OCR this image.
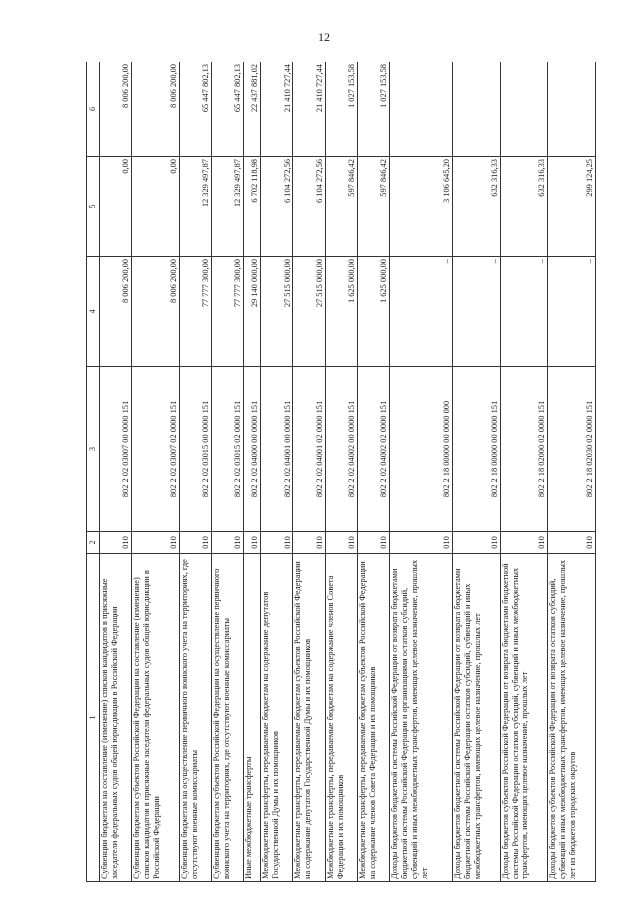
12
1	2	3	4	5	6
Субвенции бюджетам на составление (изменение) списков кандидатов в присяжные заседатели федеральных судов общей юрисдикции в Российской Федерации	010	802 2 02 03007 00 0000 151	8 006 200,00	0,00	8 006 200,00
Субвенции бюджетам субъектов Российской Федерации на составление (изменение) списков кандидатов в присяжные заседатели федеральных судов общей юрисдикции в Российской Федерации	010	802 2 02 03007 02 0000 151	8 006 200,00	0,00	8 006 200,00
Субвенции бюджетам на осуществление первичного воинского учета на территориях, где отсутствуют военные комиссариаты	010	802 2 02 03015 00 0000 151	77 777 300,00	12 329 497,87	65 447 802,13
Субвенции бюджетам субъектов Российской Федерации на осуществление первичного воинского учета на территориях, где отсутствуют военные комиссариаты	010	802 2 02 03015 02 0000 151	77 777 300,00	12 329 497,87	65 447 802,13
Иные межбюджетные трансферты	010	802 2 02 04000 00 0000 151	29 140 000,00	6 702 118,98	22 437 881,02
Межбюджетные трансферты, передаваемые бюджетам на содержание депутатов Государственной Думы и их помощников	010	802 2 02 04001 00 0000 151	27 515 000,00	6 104 272,56	21 410 727,44
Межбюджетные трансферты, передаваемые бюджетам субъектов Российской Федерации на содержание депутатов Государственной Думы и их помощников	010	802 2 02 04001 02 0000 151	27 515 000,00	6 104 272,56	21 410 727,44
Межбюджетные трансферты, передаваемые бюджетам на содержание членов Совета Федерации и их помощников	010	802 2 02 04002 00 0000 151	1 625 000,00	597 846,42	1 027 153,58
Межбюджетные трансферты, передаваемые бюджетам субъектов Российской Федерации на содержание членов Совета Федерации и их помощников	010	802 2 02 04002 02 0000 151	1 625 000,00	597 846,42	1 027 153,58
Доходы бюджетов бюджетной системы Российской Федерации от возврата бюджетами бюджетной системы Российской Федерации и организациями остатков субсидий, субвенций и иных межбюджетных трансфертов, имеющих целевое назначение, прошлых лет	010	802 2 18 00000 00 0000 000	–	3 106 645,20	
Доходы бюджетов бюджетной системы Российской Федерации от возврата бюджетами бюджетной системы Российской Федерации остатков субсидий, субвенций и иных межбюджетных трансфертов, имеющих целевое назначение, прошлых лет	010	802 2 18 00000 00 0000 151	–	632 316,33	
Доходы бюджетов субъектов Российской Федерации от возврата бюджетами бюджетной системы Российской Федерации остатков субсидий, субвенций и иных межбюджетных трансфертов, имеющих целевое назначение, прошлых лет	010	802 2 18 02000 02 0000 151	–	632 316,33	
Доходы бюджетов субъектов Российской Федерации от возврата остатков субсидий, субвенций и иных межбюджетных трансфертов, имеющих целевое назначение, прошлых лет из бюджетов городских округов	010	802 2 18 02030 02 0000 151	–	299 124,25	
